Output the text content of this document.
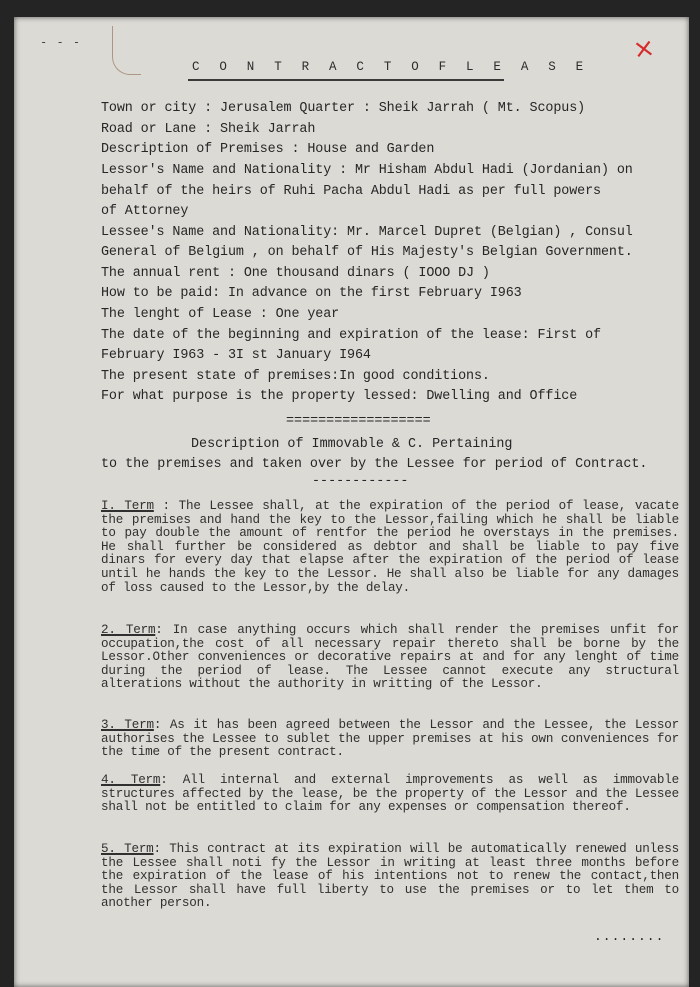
- - ‐	×
C O N T R A C T O F L E A S E
Town or city : Jerusalem Quarter : Sheik Jarrah ( Mt. Scopus)
Road or Lane : Sheik Jarrah
Description of Premises : House and Garden
Lessor's Name and Nationality : Mr Hisham Abdul Hadi (Jordanian) on
behalf of the heirs of Ruhi Pacha Abdul Hadi as per full powers
of Attorney
Lessee's Name and Nationality: Mr. Marcel Dupret (Belgian) , Consul
General of Belgium , on behalf of His Majesty's Belgian Government.
The annual rent : One thousand dinars ( IOOO DJ )
How to be paid: In advance on the first February I963
The lenght of Lease : One year
The date of the beginning and expiration of the lease: First of
February I963 - 3I st January I964
The present state of premises:In good conditions.
For what purpose is the property lessed: Dwelling and Office
==================
Description of Immovable & C. Pertaining
to the premises and taken over by the Lessee for period of Contract.
------------
I. Term : The Lessee shall, at the expiration of the period of lease, vacate the premises and hand the key to the Lessor,failing which he shall be liable to pay double the amount of rentfor the period he overstays in the premises. He shall further be considered as debtor and shall be liable to pay five dinars for every day that elapse after the expiration of the period of lease until he hands the key to the Lessor. He shall also be liable for any damages of loss caused to the Lessor,by the delay.
2. Term: In case anything occurs which shall render the premises unfit for occupation,the cost of all necessary repair thereto shall be borne by the Lessor.Other conveniences or decorative repairs at and for any lenght of time during the period of lease. The Lessee cannot execute any structural alterations without the authority in writting of the Lessor.
3. Term: As it has been agreed between the Lessor and the Lessee, the Lessor authorises the Lessee to sublet the upper premises at his own conveniences for the time of the present contract.
4. Term: All internal and external improvements as well as immovable structures affected by the lease, be the property of the Lessor and the Lessee shall not be entitled to claim for any expenses or compensation thereof.
5. Term: This contract at its expiration will be automatically renewed unless the Lessee shall noti fy the Lessor in writing at least three months before the expiration of the lease of his intentions not to renew the contact,then the Lessor shall have full liberty to use the premises or to let them to another person.
........
